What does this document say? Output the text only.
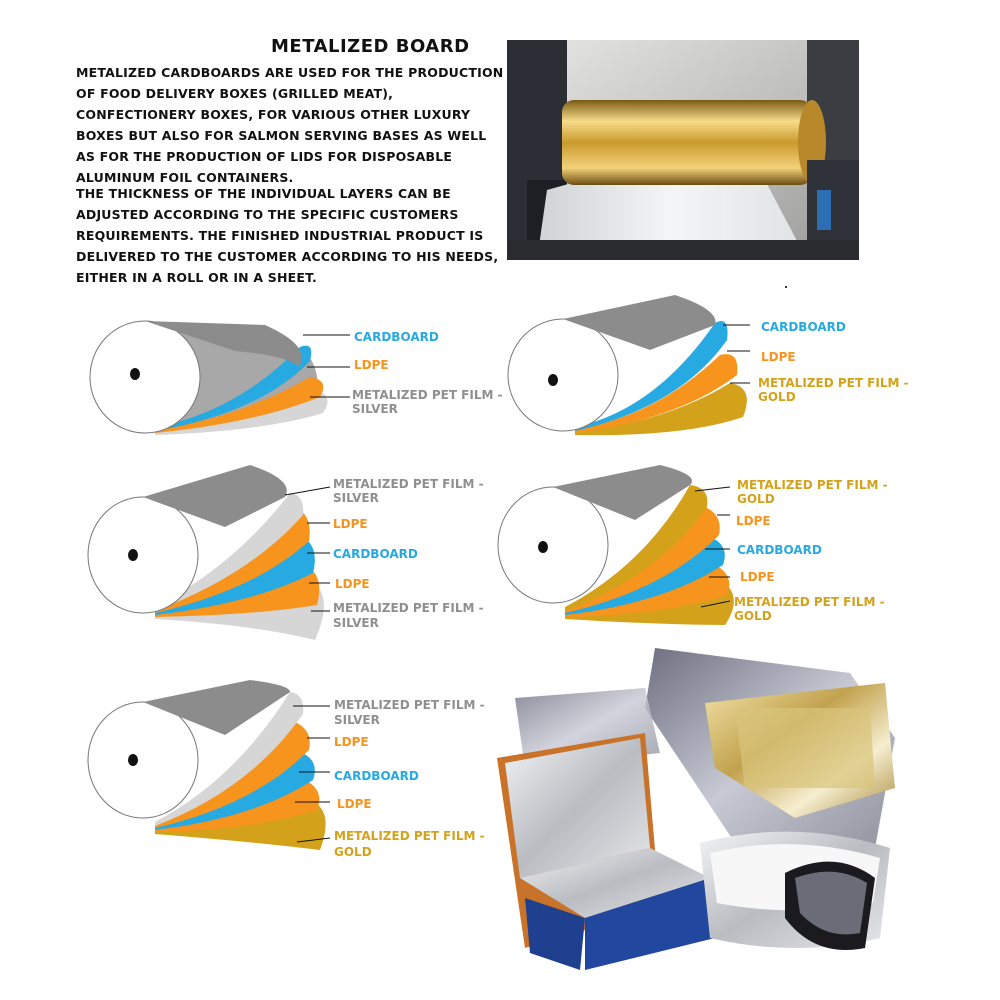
METALIZED BOARD

METALIZED CARDBOARDS ARE USED FOR THE PRODUCTION OF FOOD DELIVERY BOXES (GRILLED MEAT), CONFECTIONERY BOXES, FOR VARIOUS OTHER LUXURY BOXES BUT ALSO FOR SALMON SERVING BASES AS WELL AS FOR THE PRODUCTION OF LIDS FOR DISPOSABLE ALUMINUM FOIL CONTAINERS.

THE THICKNESS OF THE INDIVIDUAL LAYERS CAN BE ADJUSTED ACCORDING TO THE SPECIFIC CUSTOMERS REQUIREMENTS. THE FINISHED INDUSTRIAL PRODUCT IS DELIVERED TO THE CUSTOMER ACCORDING TO HIS NEEDS, EITHER IN A ROLL OR IN A SHEET.

CARDBOARD
LDPE
METALIZED PET FILM -
SILVER
CARDBOARD
LDPE
METALIZED PET FILM -
GOLD
METALIZED PET FILM -
SILVER
LDPE
CARDBOARD
LDPE
METALIZED PET FILM -
SILVER
METALIZED PET FILM -
GOLD
LDPE
CARDBOARD
LDPE
METALIZED PET FILM -
GOLD
METALIZED PET FILM -
SILVER
LDPE
CARDBOARD
LDPE
METALIZED PET FILM -
GOLD
